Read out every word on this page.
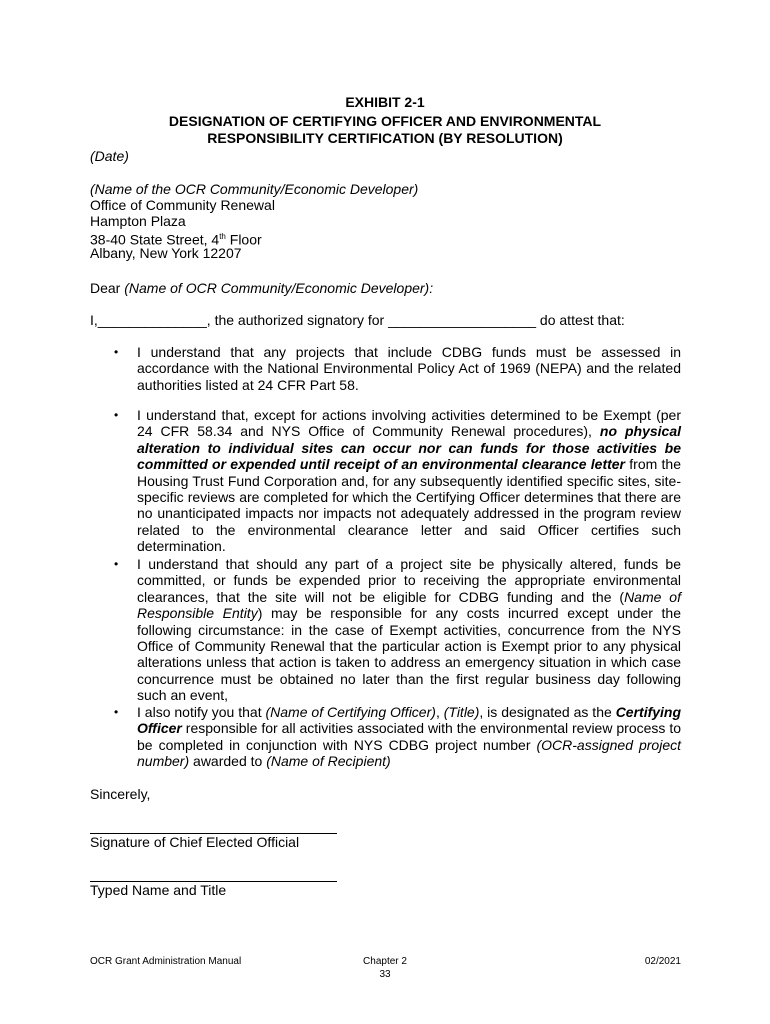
EXHIBIT 2-1
DESIGNATION OF CERTIFYING OFFICER AND ENVIRONMENTAL
RESPONSIBILITY CERTIFICATION (BY RESOLUTION)
(Date)
(Name of the OCR Community/Economic Developer)
Office of Community Renewal
Hampton Plaza
38-40 State Street, 4th Floor
Albany, New York 12207
Dear (Name of OCR Community/Economic Developer):
I,______________, the authorized signatory for ___________________ do attest that:
• I understand that any projects that include CDBG funds must be assessed in accordance with the National Environmental Policy Act of 1969 (NEPA) and the related authorities listed at 24 CFR Part 58.
• I understand that, except for actions involving activities determined to be Exempt (per 24 CFR 58.34 and NYS Office of Community Renewal procedures), no physical alteration to individual sites can occur nor can funds for those activities be committed or expended until receipt of an environmental clearance letter from the Housing Trust Fund Corporation and, for any subsequently identified specific sites, site-specific reviews are completed for which the Certifying Officer determines that there are no unanticipated impacts nor impacts not adequately addressed in the program review related to the environmental clearance letter and said Officer certifies such determination.
• I understand that should any part of a project site be physically altered, funds be committed, or funds be expended prior to receiving the appropriate environmental clearances, that the site will not be eligible for CDBG funding and the (Name of Responsible Entity) may be responsible for any costs incurred except under the following circumstance: in the case of Exempt activities, concurrence from the NYS Office of Community Renewal that the particular action is Exempt prior to any physical alterations unless that action is taken to address an emergency situation in which case concurrence must be obtained no later than the first regular business day following such an event,
• I also notify you that (Name of Certifying Officer), (Title), is designated as the Certifying Officer responsible for all activities associated with the environmental review process to be completed in conjunction with NYS CDBG project number (OCR-assigned project number) awarded to (Name of Recipient)
Sincerely,
Signature of Chief Elected Official
Typed Name and Title
OCR Grant Administration Manual	Chapter 2
33
02/2021
